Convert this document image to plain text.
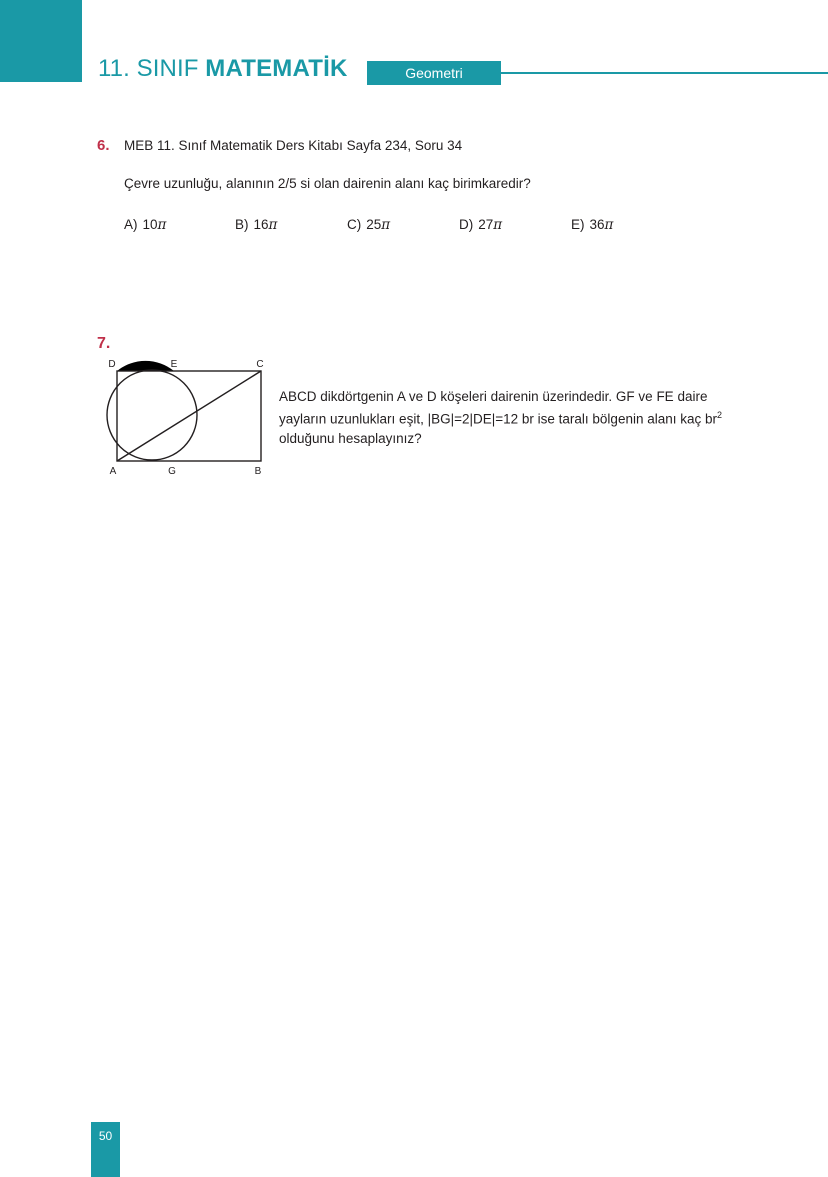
11. SINIF MATEMATİK	Geometri
6. MEB 11. Sınıf Matematik Ders Kitabı Sayfa 234, Soru 34
Çevre uzunluğu, alanının 2/5 si olan dairenin alanı kaç birimkaredir?
A) 10π	B) 16π	C) 25π	D) 27π	E) 36π
7.
D	E	C
A	G	B
ABCD dikdörtgenin A ve D köşeleri dairenin üzerindedir. GF ve FE daire yayların uzunlukları eşit, |BG|=2|DE|=12 br ise taralı bölgenin alanı kaç $br^2$ olduğunu hesaplayınız?
50
